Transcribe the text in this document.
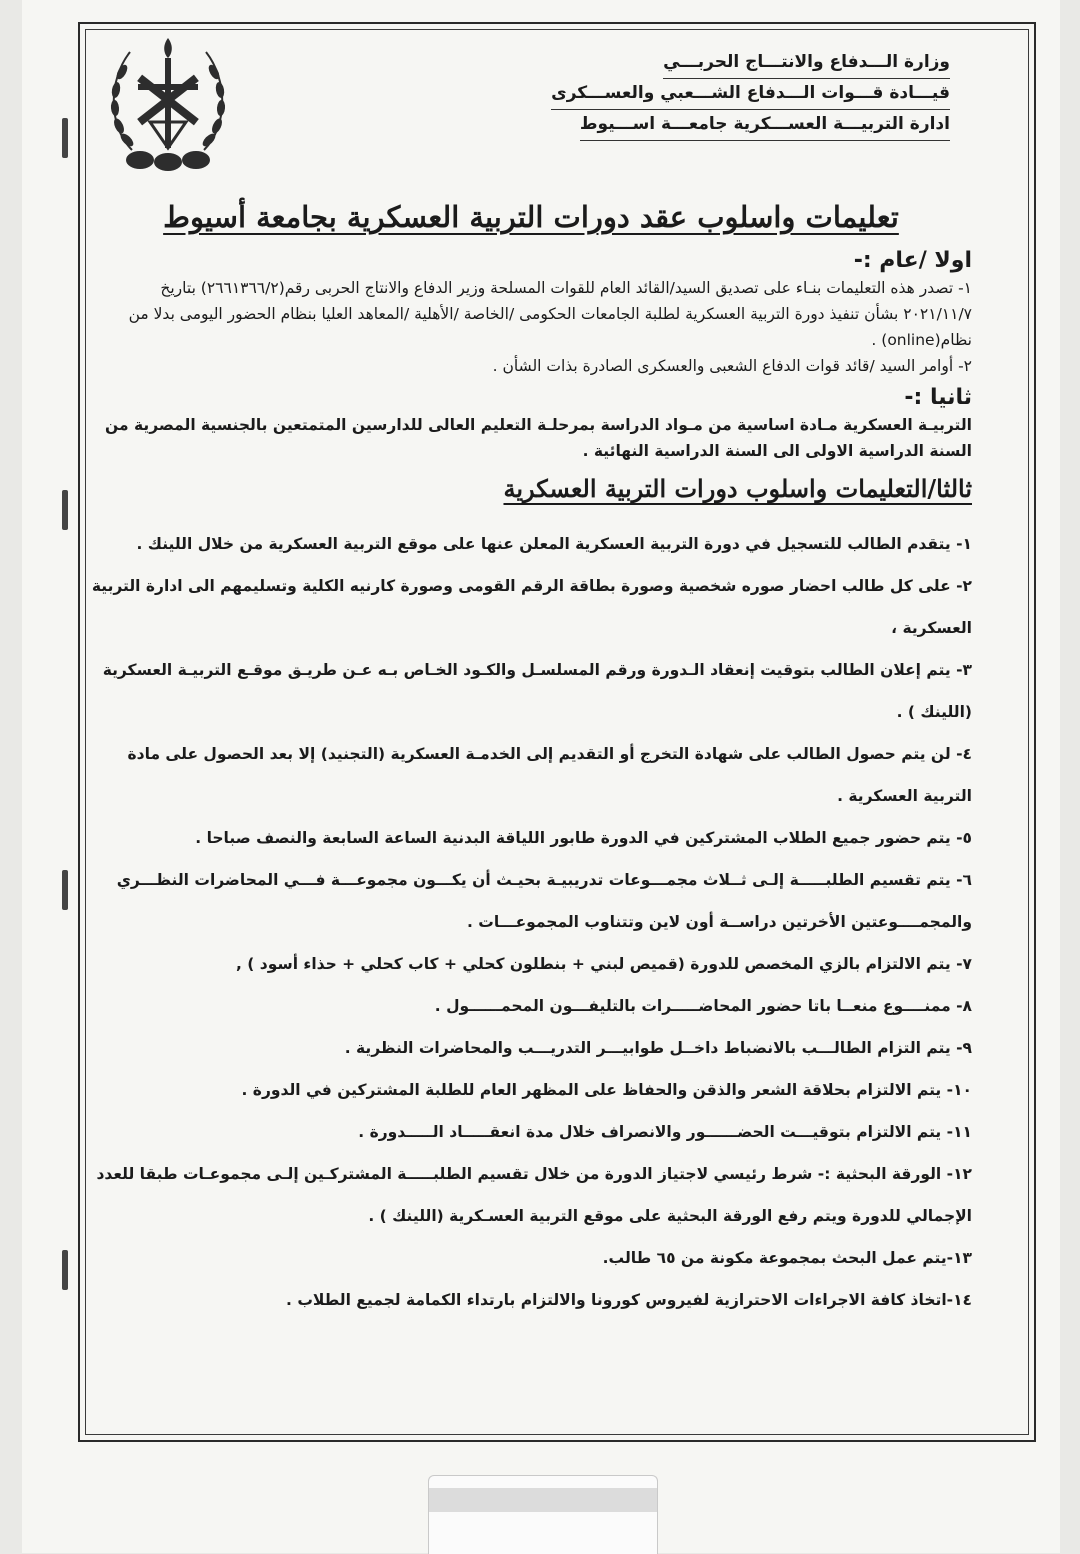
وزارة الـــدفاع والانتـــاج الحربـــي
قيـــادة قـــوات الـــدفاع الشـــعبي والعســـكرى
ادارة التربيـــة العســـكرية جامعـــة اســـيوط
تعليمات واسلوب عقد دورات التربية العسكرية بجامعة أسيوط
اولا /عام :-
١- تصدر هذه التعليمات بنـاء على تصديق السيد/القائد العام للقوات المسلحة وزير الدفاع والانتاج الحربى رقم(٢٦٦١٣٦٦/٢) بتاريخ ٢٠٢١/١١/٧ بشأن تنفيذ دورة التربية العسكرية لطلبة الجامعات الحكومى /الخاصة /الأهلية /المعاهد العليا بنظام الحضور اليومى بدلا من نظام(online) .
٢- أوامر السيد /قائد قوات الدفاع الشعبى والعسكرى الصادرة بذات الشأن .
ثانيا :-

التربيـة العسكرية مـادة اساسية من مـواد الدراسة بمرحلـة التعليم العالى للدارسين المتمتعين بالجنسية المصرية من السنة الدراسية الاولى الى السنة الدراسية النهائية .

ثالثا/التعليمات واسلوب دورات التربية العسكرية
١- يتقدم الطالب للتسجيل في دورة التربية العسكرية المعلن عنها على موقع التربية العسكرية من خلال اللينك .
٢- على كل طالب احضار صوره شخصية وصورة بطاقة الرقم القومى وصورة كارنيه الكلية وتسليمهم الى ادارة التربية العسكرية ،
٣- يتم إعلان الطالب بتوقيت إنعقاد الـدورة ورقم المسلسـل والكـود الخـاص بـه عـن طريـق موقـع التربيـة العسكرية (اللينك ) .
٤- لن يتم حصول الطالب على شهادة التخرج أو التقديم إلى الخدمـة العسكرية (التجنيد) إلا بعد الحصول على مادة التربية العسكرية .
٥- يتم حضور جميع الطلاب المشتركين في الدورة طابور اللياقة البدنية الساعة السابعة والنصف صباحا .
٦- يتم تقسيم الطلبـــــة إلـى ثــلاث مجمـــوعات تدريبيـة بحيـث أن يكـــون مجموعـــة فـــي المحاضرات النظـــري والمجمــــوعتين الأخرتين دراســة أون لاين وتتناوب المجموعـــات .
٧- يتم الالتزام بالزي المخصص للدورة (قميص لبني + بنطلون كحلي + كاب كحلي + حذاء أسود ) ,
٨- ممنــــوع منعــا باتا حضور المحاضـــــرات بالتليفـــون المحمــــــول .
٩- يتم التزام الطالـــب بالانضباط داخــل طوابيـــر التدريـــب والمحاضرات النظرية .
١٠- يتم الالتزام بحلاقة الشعر والذقن والحفاظ على المظهر العام للطلبة المشتركين في الدورة .
١١- يتم الالتزام بتوقيـــت الحضــــــور والانصراف خلال مدة انعقـــــاد الـــــدورة .
١٢- الورقة البحثية :- شرط رئيسي لاجتياز الدورة من خلال تقسيم الطلبـــــة المشتركـين إلـى مجموعـات طبقا للعدد الإجمالي للدورة ويتم رفع الورقة البحثية على موقع التربية العسـكرية (اللينك ) .
١٣-يتم عمل البحث بمجموعة مكونة من ٦٥ طالب.
١٤-اتخاذ كافة الاجراءات الاحترازية لفيروس كورونا والالتزام بارتداء الكمامة لجميع الطلاب .
